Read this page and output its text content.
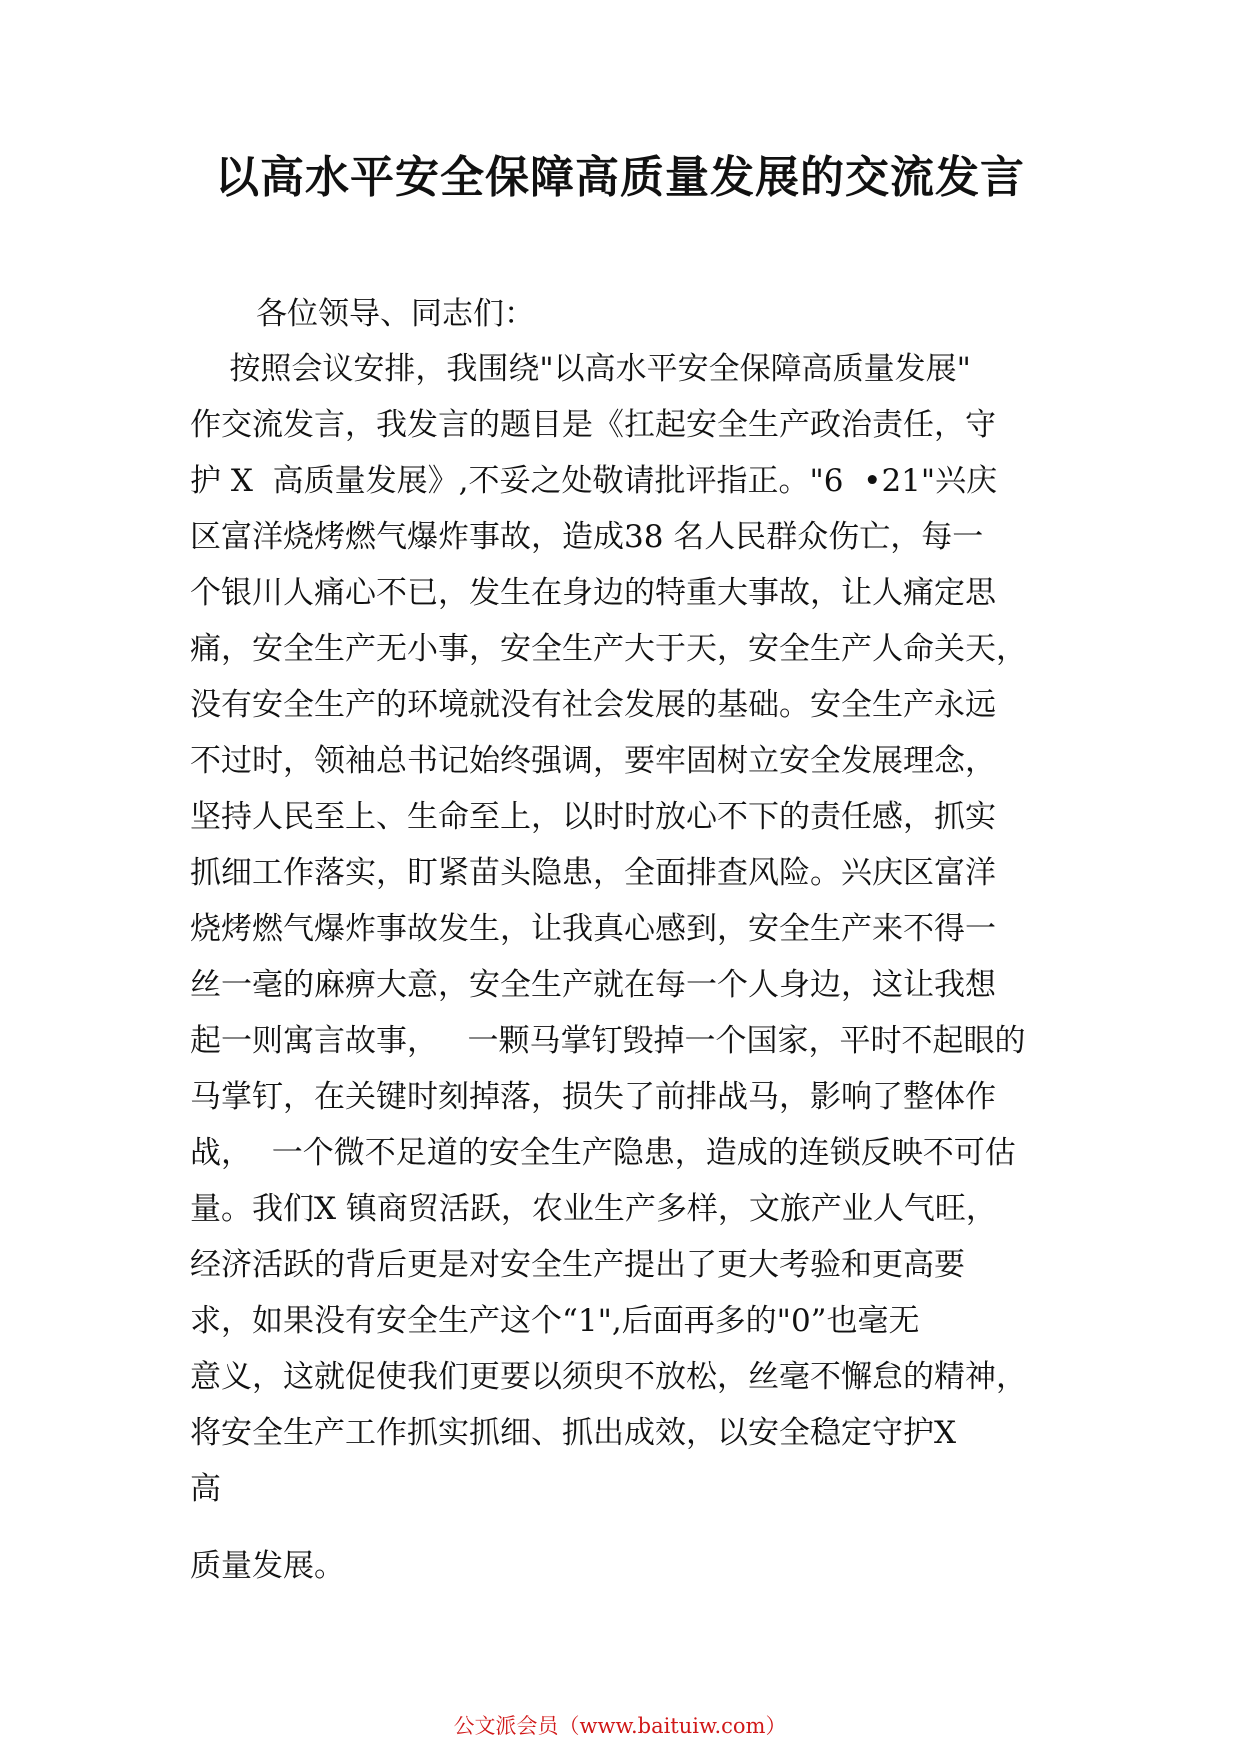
以高水平安全保障高质量发展的交流发言
各位领导、同志们：
按照会议安排，我围绕"以高水平安全保障高质量发展"
作交流发言，我发言的题目是《扛起安全生产政治责任，守
护 X  高质量发展》,不妥之处敬请批评指正。"6  •21"兴庆
区富洋烧烤燃气爆炸事故，造成38 名人民群众伤亡，每一
个银川人痛心不已，发生在身边的特重大事故，让人痛定思
痛，安全生产无小事，安全生产大于天，安全生产人命关天，
没有安全生产的环境就没有社会发展的基础。安全生产永远
不过时，领袖总书记始终强调，要牢固树立安全发展理念，
坚持人民至上、生命至上，以时时放心不下的责任感，抓实
抓细工作落实，盯紧苗头隐患，全面排查风险。兴庆区富洋
烧烤燃气爆炸事故发生，让我真心感到，安全生产来不得一
丝一毫的麻痹大意，安全生产就在每一个人身边，这让我想
起一则寓言故事，   一颗马掌钉毁掉一个国家，平时不起眼的
马掌钉，在关键时刻掉落，损失了前排战马，影响了整体作
战，  一个微不足道的安全生产隐患，造成的连锁反映不可估
量。我们X 镇商贸活跃，农业生产多样，文旅产业人气旺，
经济活跃的背后更是对安全生产提出了更大考验和更高要
求，如果没有安全生产这个“1",后面再多的"0”也毫无
意义，这就促使我们更要以须臾不放松，丝毫不懈怠的精神，
将安全生产工作抓实抓细、抓出成效，以安全稳定守护X
高
质量发展。
公文派会员（www.baituiw.com）
